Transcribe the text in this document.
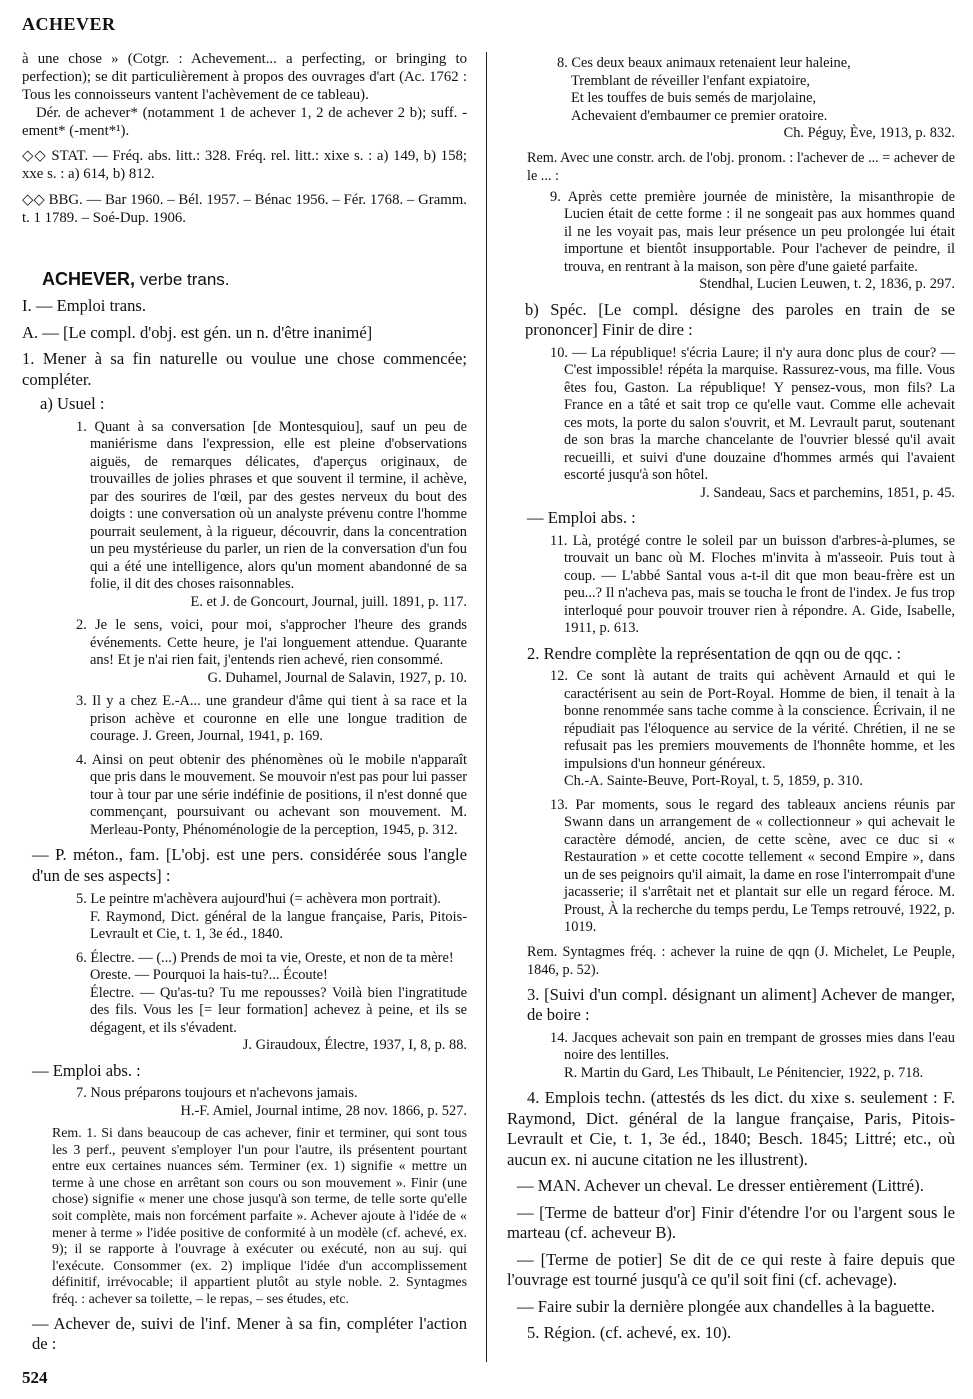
ACHEVER

à une chose » (Cotgr. : Achevement... a perfecting, or bringing to perfection); se dit particulièrement à propos des ouvrages d'art (Ac. 1762 : Tous les connoisseurs vantent l'achèvement de ce tableau).

Dér. de achever* (notamment 1 de achever 1, 2 de achever 2 b); suff. -ement* (-ment*¹).

◇◇ STAT. — Fréq. abs. litt.: 328. Fréq. rel. litt.: xixe s. : a) 149, b) 158; xxe s. : a) 614, b) 812.

◇◇ BBG. — Bar 1960. – Bél. 1957. – Bénac 1956. – Fér. 1768. – Gramm. t. 1 1789. – Soé-Dup. 1906.

ACHEVER, verbe trans.

I. — Emploi trans.

A. — [Le compl. d'obj. est gén. un n. d'être inanimé]

1. Mener à sa fin naturelle ou voulue une chose commencée; compléter.

a) Usuel :

1. Quant à sa conversation [de Montesquiou], sauf un peu de maniérisme dans l'expression, elle est pleine d'observations aiguës, de remarques délicates, d'aperçus originaux, de trouvailles de jolies phrases et que souvent il termine, il achève, par des sourires de l'œil, par des gestes nerveux du bout des doigts : une conversation où un analyste prévenu contre l'homme pourrait seulement, à la rigueur, découvrir, dans la concentration un peu mystérieuse du parler, un rien de la conversation d'un fou qui a été une intelligence, alors qu'un moment abandonné de sa folie, il dit des choses raisonnables.
E. et J. de Goncourt, Journal, juill. 1891, p. 117.
2. Je le sens, voici, pour moi, s'approcher l'heure des grands événements. Cette heure, je l'ai longuement attendue. Quarante ans! Et je n'ai rien fait, j'entends rien achevé, rien consommé.
G. Duhamel, Journal de Salavin, 1927, p. 10.
3. Il y a chez E.-A... une grandeur d'âme qui tient à sa race et la prison achève et couronne en elle une longue tradition de courage. J. Green, Journal, 1941, p. 169.
4. Ainsi on peut obtenir des phénomènes où le mobile n'apparaît que pris dans le mouvement. Se mouvoir n'est pas pour lui passer tour à tour par une série indéfinie de positions, il n'est donné que commençant, poursuivant ou achevant son mouvement. M. Merleau-Ponty, Phénoménologie de la perception, 1945, p. 312.

— P. méton., fam. [L'obj. est une pers. considérée sous l'angle d'un de ses aspects] :

5. Le peintre m'achèvera aujourd'hui (= achèvera mon portrait).
F. Raymond, Dict. général de la langue française, Paris, Pitois-Levrault et Cie, t. 1, 3e éd., 1840.
6. Électre. — (...) Prends de moi ta vie, Oreste, et non de ta mère!
Oreste. — Pourquoi la hais-tu?... Écoute!
Électre. — Qu'as-tu? Tu me repousses? Voilà bien l'ingratitude des fils. Vous les [= leur formation] achevez à peine, et ils se dégagent, et ils s'évadent.
J. Giraudoux, Électre, 1937, I, 8, p. 88.

— Emploi abs. :

7. Nous préparons toujours et n'achevons jamais.
H.-F. Amiel, Journal intime, 28 nov. 1866, p. 527.

Rem. 1. Si dans beaucoup de cas achever, finir et terminer, qui sont tous les 3 perf., peuvent s'employer l'un pour l'autre, ils présentent pourtant entre eux certaines nuances sém. Terminer (ex. 1) signifie « mettre un terme à une chose en arrêtant son cours ou son mouvement ». Finir (une chose) signifie « mener une chose jusqu'à son terme, de telle sorte qu'elle soit complète, mais non forcément parfaite ». Achever ajoute à l'idée de « mener à terme » l'idée positive de conformité à un modèle (cf. achevé, ex. 9); il se rapporte à l'ouvrage à exécuter ou exécuté, non au suj. qui l'exécute. Consommer (ex. 2) implique l'idée d'un accomplissement définitif, irrévocable; il appartient plutôt au style noble. 2. Syntagmes fréq. : achever sa toilette, – le repas, – ses études, etc.

— Achever de, suivi de l'inf. Mener à sa fin, compléter l'action de :

8. Ces deux beaux animaux retenaient leur haleine,
Tremblant de réveiller l'enfant expiatoire,
Et les touffes de buis semés de marjolaine,
Achevaient d'embaumer ce premier oratoire.
Ch. Péguy, Ève, 1913, p. 832.

Rem. Avec une constr. arch. de l'obj. pronom. : l'achever de ... = achever de le ... :

9. Après cette première journée de ministère, la misanthropie de Lucien était de cette forme : il ne songeait pas aux hommes quand il ne les voyait pas, mais leur présence un peu prolongée lui était importune et bientôt insupportable. Pour l'achever de peindre, il trouva, en rentrant à la maison, son père d'une gaieté parfaite.
Stendhal, Lucien Leuwen, t. 2, 1836, p. 297.

b) Spéc. [Le compl. désigne des paroles en train de se prononcer] Finir de dire :

10. — La république! s'écria Laure; il n'y aura donc plus de cour? — C'est impossible! répéta la marquise. Rassurez-vous, ma fille. Vous êtes fou, Gaston. La république! Y pensez-vous, mon fils? La France en a tâté et sait trop ce qu'elle vaut. Comme elle achevait ces mots, la porte du salon s'ouvrit, et M. Levrault parut, soutenant de son bras la marche chancelante de l'ouvrier blessé qu'il avait recueilli, et suivi d'une douzaine d'hommes armés qui l'avaient escorté jusqu'à son hôtel.
J. Sandeau, Sacs et parchemins, 1851, p. 45.

— Emploi abs. :

11. Là, protégé contre le soleil par un buisson d'arbres-à-plumes, se trouvait un banc où M. Floches m'invita à m'asseoir. Puis tout à coup. — L'abbé Santal vous a-t-il dit que mon beau-frère est un peu...? Il n'acheva pas, mais se toucha le front de l'index. Je fus trop interloqué pour pouvoir trouver rien à répondre. A. Gide, Isabelle, 1911, p. 613.

2. Rendre complète la représentation de qqn ou de qqc. :

12. Ce sont là autant de traits qui achèvent Arnauld et qui le caractérisent au sein de Port-Royal. Homme de bien, il tenait à la bonne renommée sans tache comme à la conscience. Écrivain, il ne répudiait pas l'éloquence au service de la vérité. Chrétien, il ne se refusait pas les premiers mouvements de l'honnête homme, et les impulsions d'un honneur généreux.
Ch.-A. Sainte-Beuve, Port-Royal, t. 5, 1859, p. 310.
13. Par moments, sous le regard des tableaux anciens réunis par Swann dans un arrangement de « collectionneur » qui achevait le caractère démodé, ancien, de cette scène, avec ce duc si « Restauration » et cette cocotte tellement « second Empire », dans un de ses peignoirs qu'il aimait, la dame en rose l'interrompait d'une jacasserie; il s'arrêtait net et plantait sur elle un regard féroce. M. Proust, À la recherche du temps perdu, Le Temps retrouvé, 1922, p. 1019.

Rem. Syntagmes fréq. : achever la ruine de qqn (J. Michelet, Le Peuple, 1846, p. 52).

3. [Suivi d'un compl. désignant un aliment] Achever de manger, de boire :

14. Jacques achevait son pain en trempant de grosses mies dans l'eau noire des lentilles.
R. Martin du Gard, Les Thibault, Le Pénitencier, 1922, p. 718.

4. Emplois techn. (attestés ds les dict. du xixe s. seulement : F. Raymond, Dict. général de la langue française, Paris, Pitois-Levrault et Cie, t. 1, 3e éd., 1840; Besch. 1845; Littré; etc., où aucun ex. ni aucune citation ne les illustrent).

— MAN. Achever un cheval. Le dresser entièrement (Littré).

— [Terme de batteur d'or] Finir d'étendre l'or ou l'argent sous le marteau (cf. acheveur B).

— [Terme de potier] Se dit de ce qui reste à faire depuis que l'ouvrage est tourné jusqu'à ce qu'il soit fini (cf. achevage).

— Faire subir la dernière plongée aux chandelles à la baguette.

5. Région. (cf. achevé, ex. 10).

524
